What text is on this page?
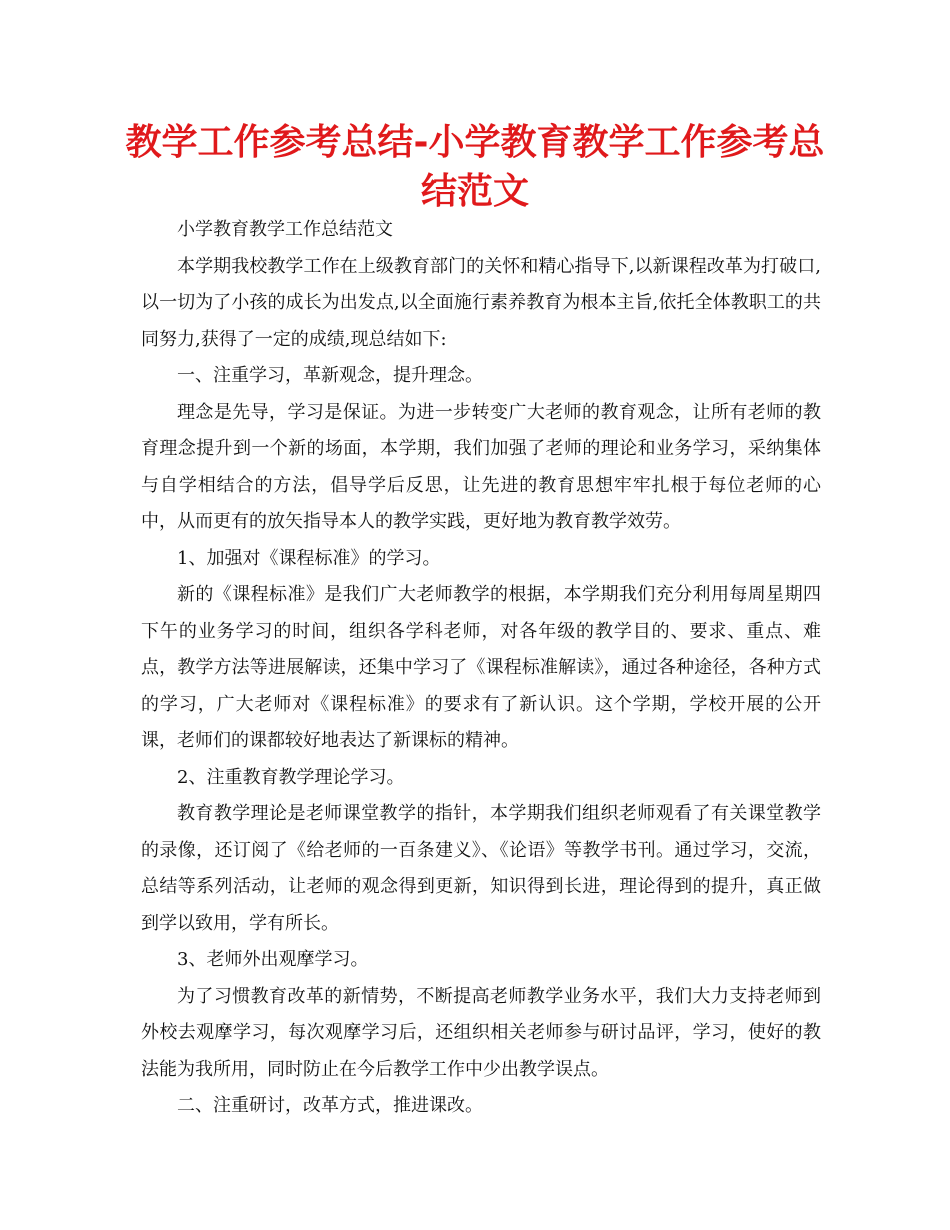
教学工作参考总结-小学教育教学工作参考总结范文

小学教育教学工作总结范文

本学期我校教学工作在上级教育部门的关怀和精心指导下,以新课程改革为打破口,以一切为了小孩的成长为出发点,以全面施行素养教育为根本主旨,依托全体教职工的共同努力,获得了一定的成绩,现总结如下:

一、注重学习，革新观念，提升理念。

理念是先导，学习是保证。为进一步转变广大老师的教育观念，让所有老师的教育理念提升到一个新的场面，本学期，我们加强了老师的理论和业务学习，采纳集体与自学相结合的方法，倡导学后反思，让先进的教育思想牢牢扎根于每位老师的心中，从而更有的放矢指导本人的教学实践，更好地为教育教学效劳。

1、加强对《课程标准》的学习。

新的《课程标准》是我们广大老师教学的根据，本学期我们充分利用每周星期四下午的业务学习的时间，组织各学科老师，对各年级的教学目的、要求、重点、难点，教学方法等进展解读，还集中学习了《课程标准解读》，通过各种途径，各种方式的学习，广大老师对《课程标准》的要求有了新认识。这个学期，学校开展的公开课，老师们的课都较好地表达了新课标的精神。

2、注重教育教学理论学习。

教育教学理论是老师课堂教学的指针，本学期我们组织老师观看了有关课堂教学的录像，还订阅了《给老师的一百条建义》、《论语》等教学书刊。通过学习，交流，总结等系列活动，让老师的观念得到更新，知识得到长进，理论得到的提升，真正做到学以致用，学有所长。

3、老师外出观摩学习。

为了习惯教育改革的新情势，不断提高老师教学业务水平，我们大力支持老师到外校去观摩学习，每次观摩学习后，还组织相关老师参与研讨品评，学习，使好的教法能为我所用，同时防止在今后教学工作中少出教学误点。

二、注重研讨，改革方式，推进课改。
